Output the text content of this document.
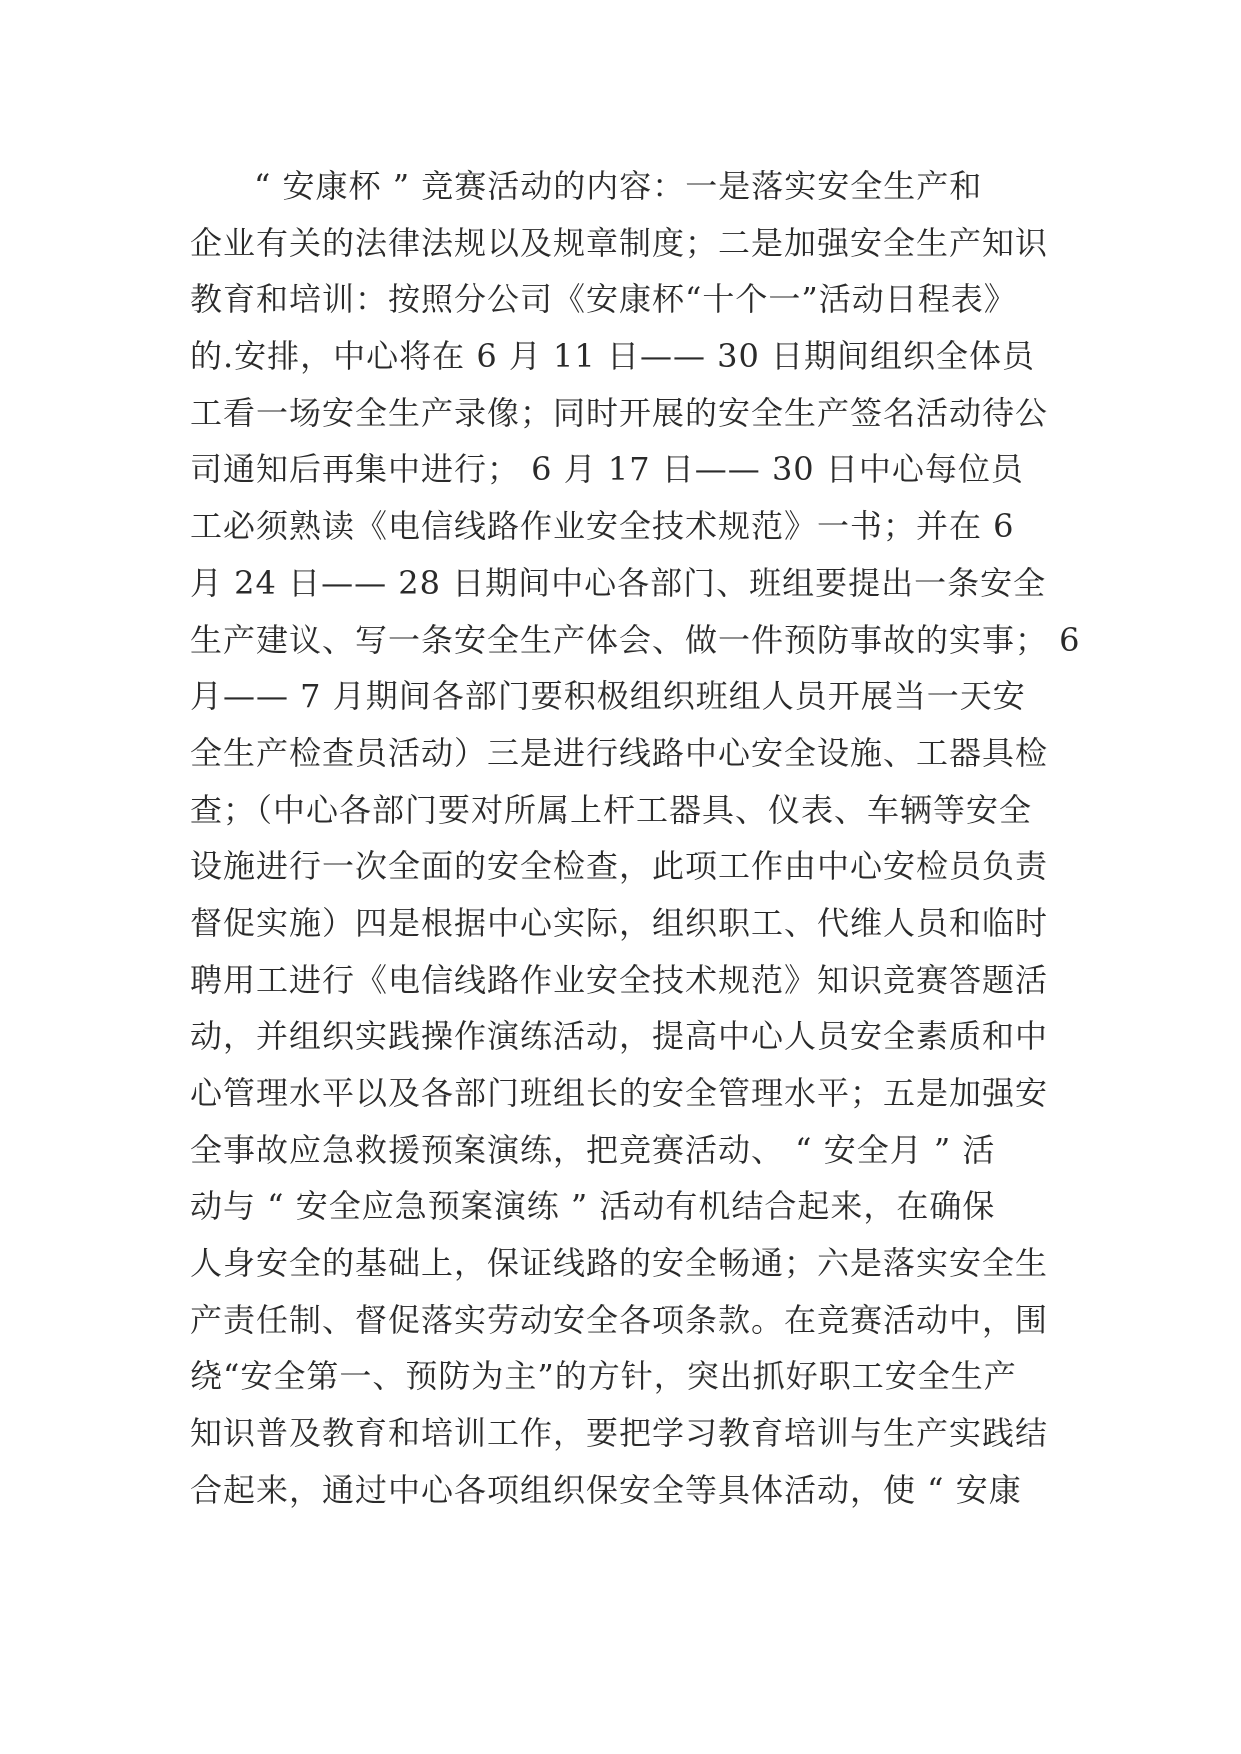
“ 安康杯 ” 竞赛活动的内容：一是落实安全生产和
企业有关的法律法规以及规章制度；二是加强安全生产知识
教育和培训：按照分公司《安康杯“十个一”活动日程表》
的.安排，中心将在 6 月 11 日—— 30 日期间组织全体员
工看一场安全生产录像；同时开展的安全生产签名活动待公
司通知后再集中进行； 6 月 17 日—— 30 日中心每位员
工必须熟读《电信线路作业安全技术规范》一书；并在 6
月 24 日—— 28 日期间中心各部门、班组要提出一条安全
生产建议、写一条安全生产体会、做一件预防事故的实事； 6
月—— 7 月期间各部门要积极组织班组人员开展当一天安
全生产检查员活动）三是进行线路中心安全设施、工器具检
查；（中心各部门要对所属上杆工器具、仪表、车辆等安全
设施进行一次全面的安全检查，此项工作由中心安检员负责
督促实施）四是根据中心实际，组织职工、代维人员和临时
聘用工进行《电信线路作业安全技术规范》知识竞赛答题活
动，并组织实践操作演练活动，提高中心人员安全素质和中
心管理水平以及各部门班组长的安全管理水平；五是加强安
全事故应急救援预案演练，把竞赛活动、 “ 安全月 ” 活
动与 “ 安全应急预案演练 ” 活动有机结合起来，在确保
人身安全的基础上，保证线路的安全畅通；六是落实安全生
产责任制、督促落实劳动安全各项条款。在竞赛活动中，围
绕“安全第一、预防为主”的方针，突出抓好职工安全生产
知识普及教育和培训工作，要把学习教育培训与生产实践结
合起来，通过中心各项组织保安全等具体活动，使 “ 安康
